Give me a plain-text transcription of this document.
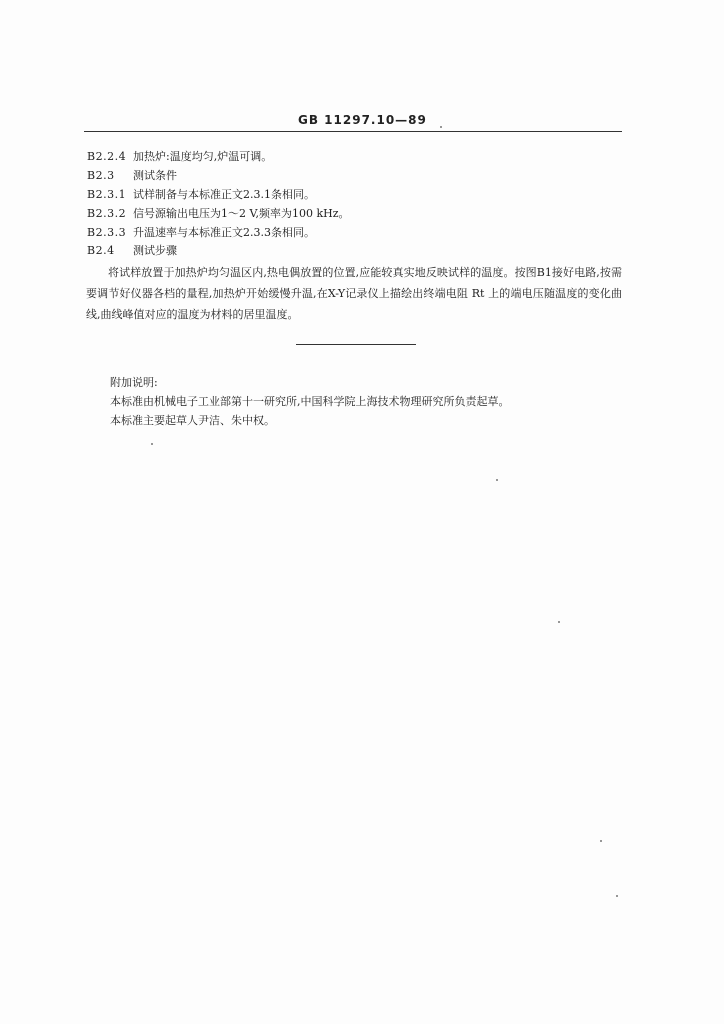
GB 11297.10—89
B2.2.4 加热炉:温度均匀,炉温可调。
B2.3 测试条件
B2.3.1 试样制备与本标准正文2.3.1条相同。
B2.3.2 信号源输出电压为1～2 V,频率为100 kHz。
B2.3.3 升温速率与本标准正文2.3.3条相同。
B2.4 测试步骤
将试样放置于加热炉均匀温区内,热电偶放置的位置,应能较真实地反映试样的温度。按图B1接好电路,按需要调节好仪器各档的量程,加热炉开始缓慢升温,在X-Y记录仪上描绘出终端电阻 Rt 上的端电压随温度的变化曲线,曲线峰值对应的温度为材料的居里温度。
附加说明:
本标准由机械电子工业部第十一研究所,中国科学院上海技术物理研究所负责起草。
本标准主要起草人尹洁、朱中权。
